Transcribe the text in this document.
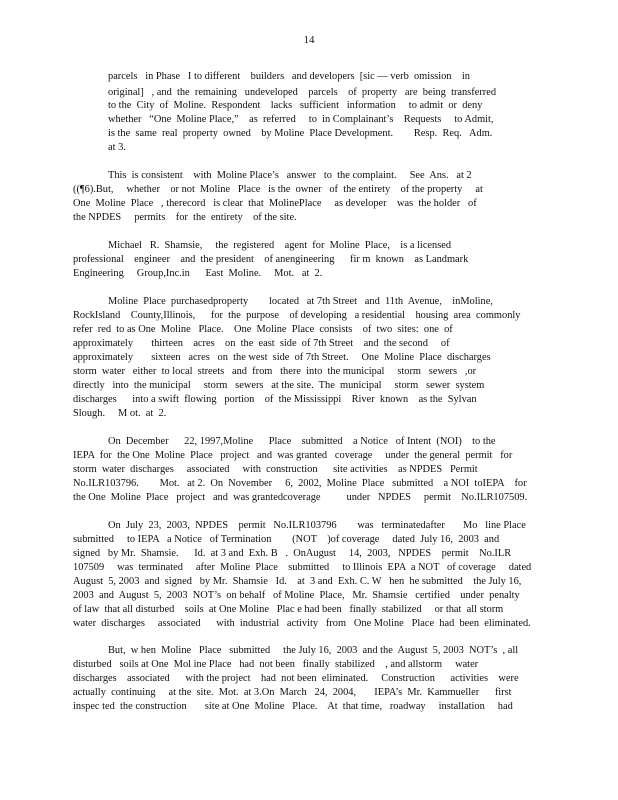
14
parcels   in Phase   I to different    builders   and developers  [sic — verb  omission    in
original]   , and  the  remaining   undeveloped    parcels    of  property   are  being  transferred
to the  City  of  Moline.  Respondent    lacks   sufficient   information     to admit  or  deny
whether   “One  Moline Place,”    as  referred     to  in Complainant’s    Requests     to Admit,
is the  same  real  property  owned    by Moline  Place Development.        Resp.  Req.   Adm.
at 3.
This  is consistent    with  Moline Place’s   answer   to  the complaint.     See  Ans.   at 2
((¶6).But,     whether    or not  Moline   Place   is the  owner   of  the entirety    of the property     at
One  Moline  Place   , therecord   is clear  that  MolinePlace     as developer    was  the holder   of
the NPDES     permits    for  the  entirety    of the site.
Michael   R.  Shamsie,     the  registered    agent  for  Moline  Place,    is a licensed
professional    engineer    and  the president    of anengineering      fir m  known    as Landmark
Engineering     Group,Inc.in      East  Moline.     Mot.   at  2.
Moline  Place  purchasedproperty        located   at 7th Street   and  11th  Avenue,    inMoline,
RockIsland    County,Illinois,      for  the  purpose    of developing   a residential    housing  area  commonly
refer  red  to as One  Moline   Place.    One  Moline  Place  consists    of  two  sites:  one  of
approximately       thirteen    acres    on  the  east  side  of 7th Street    and  the second     of
approximately       sixteen   acres   on  the west  side  of 7th Street.     One  Moline  Place  discharges
storm  water   either  to local  streets   and  from   there  into  the municipal     storm   sewers   ,or
directly   into  the municipal     storm   sewers   at the site.  The  municipal     storm   sewer  system
discharges      into a swift  flowing   portion    of  the Mississippi    River  known    as the  Sylvan
Slough.     M ot.  at  2.
On  December      22, 1997,Moline      Place    submitted    a Notice   of Intent  (NOI)    to the
IEPA  for  the One  Moline  Place   project   and  was granted   coverage     under  the general  permit   for
storm  water  discharges     associated     with  construction      site activities    as NPDES   Permit
No.ILR103796.        Mot.   at 2.  On  November     6,  2002,  Moline  Place   submitted    a NOI  toIEPA    for
the One  Moline  Place   project   and  was grantedcoverage          under   NPDES     permit    No.ILR107509.
On  July  23,  2003,  NPDES    permit   No.ILR103796        was   terminatedafter       Mo   line Place
submitted     to IEPA   a Notice   of Termination        (NOT    )of coverage     dated  July 16,  2003  and
signed   by Mr.  Shamsie.      Id.  at 3 and  Exh. B   .  OnAugust     14,  2003,   NPDES    permit    No.ILR
107509     was  terminated     after  Moline  Place    submitted     to Illinois  EPA  a NOT   of coverage     dated
August  5, 2003  and  signed   by Mr.  Shamsie   Id.    at  3 and  Exh. C. W   hen  he submitted    the July 16,
2003  and  August  5,  2003  NOT’s  on behalf   of Moline  Place,   Mr.  Shamsie   certified    under  penalty
of law  that all disturbed    soils  at One Moline   Plac e had been   finally  stabilized     or that  all storm
water  discharges     associated      with  industrial   activity   from   One Moline   Place  had  been  eliminated.
But,  w hen  Moline   Place   submitted     the July 16,  2003  and the  August  5, 2003  NOT’s  , all
disturbed   soils at One  Mol ine Place   had  not been   finally  stabilized    , and allstorm     water
discharges    associated      with the project    had  not been  eliminated.     Construction      activities    were
actually  continuing     at the  site.  Mot.  at 3.On  March   24,  2004,       IEPA’s  Mr.  Kammueller      first
inspec ted  the construction       site at One  Moline   Place.    At  that time,   roadway     installation     had
